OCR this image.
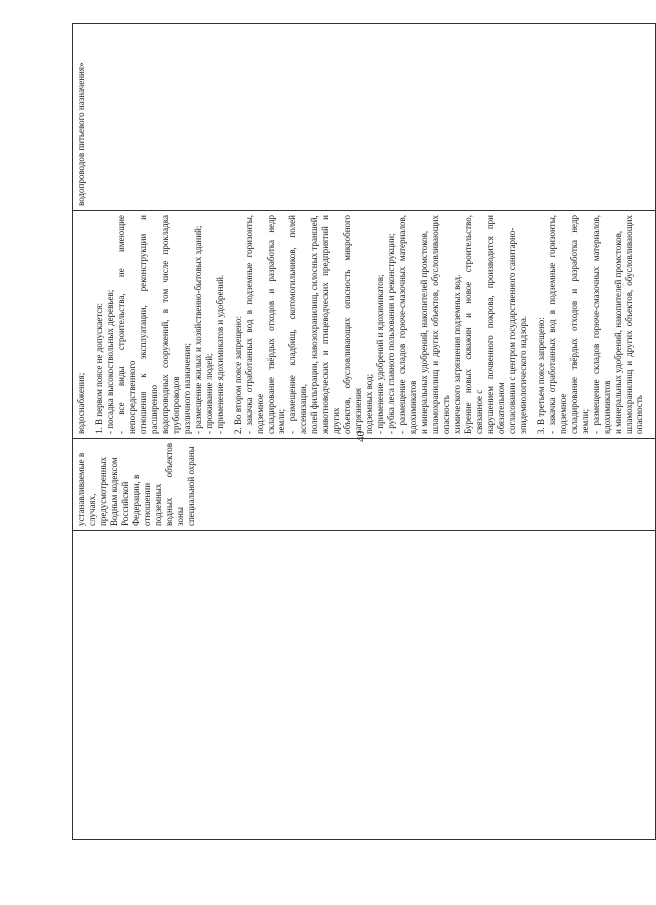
40

устанавливаемые в случаях, предусмотренных Водным кодексом Российской Федерации, в отношении подземных водных объектов зоны специальной охраны

водоснабжения; 1. В первом поясе не допускается: - посадка высокоствольных деревьев; - все виды строительства, не имеющие непосредственного отношения к эксплуатации, реконструкции и расширению водопроводных сооружений, в том числе прокладка трубопроводов различного назначения; - размещение жилых и хозяйственно-бытовых зданий; - проживание людей; - применение ядохимикатов и удобрений. 2. Во втором поясе запрещено: - закачка отработанных вод в подземные горизонты, подземное складирование твёрдых отходов и разработка недр земли; - размещение кладбищ, скотомогильников, полей ассенизации, полей фильтрации, навозохранилищ, силосных траншей, животноводческих и птицеводческих предприятий и других объектов, обусловливающих опасность микробного загрязнения подземных вод; - применение удобрений и ядохимикатов; - рубка леса главного пользования и реконструкции; - размещение складов горюче-смазочных материалов, ядохимикатов и минеральных удобрений, накопителей промстоков, шламохранилищ и других объектов, обусловливающих опасность химического загрязнения подземных вод. Бурение новых скважин и новое строительство, связанное с нарушением почвенного покрова, производится при обязательном согласовании с центром государственного санитарно- эпидемиологического надзора. 3. В третьем поясе запрещено: - закачка отработанных вод в подземные горизонты, подземное складирование твёрдых отходов и разработка недр земли; - размещение складов горюче-смазочных материалов, ядохимикатов и минеральных удобрений, накопителей промстоков, шламохранилищ и других объектов, обусловливающих опасность

водопроводов питьевого назначения»
